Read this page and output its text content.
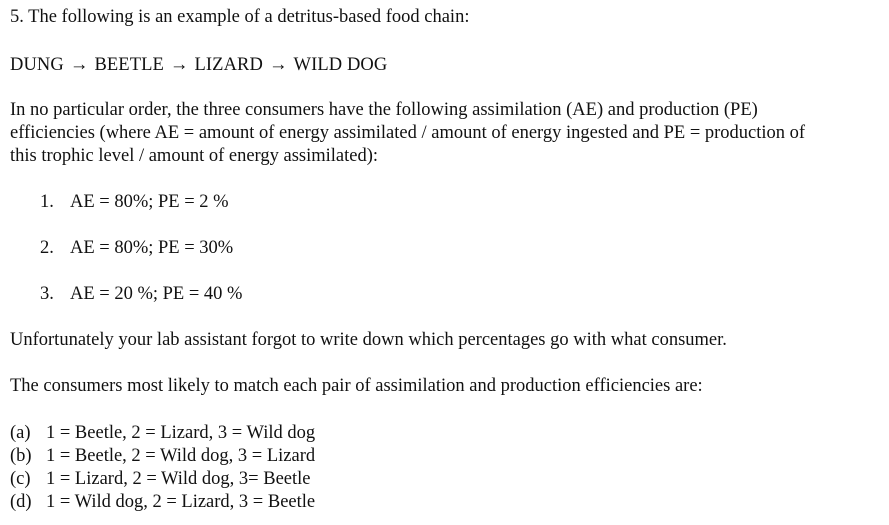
5. The following is an example of a detritus-based food chain:
DUNG → BEETLE → LIZARD → WILD DOG
In no particular order, the three consumers have the following assimilation (AE) and production (PE)
efficiencies (where AE = amount of energy assimilated / amount of energy ingested and PE = production of
this trophic level / amount of energy assimilated):
1. AE = 80%; PE = 2 %
2. AE = 80%; PE = 30%
3. AE = 20 %; PE = 40 %
Unfortunately your lab assistant forgot to write down which percentages go with what consumer.
The consumers most likely to match each pair of assimilation and production efficiencies are:
(a) 1 = Beetle, 2 = Lizard, 3 = Wild dog
(b) 1 = Beetle, 2 = Wild dog, 3 = Lizard
(c) 1 = Lizard, 2 = Wild dog, 3= Beetle
(d) 1 = Wild dog, 2 = Lizard, 3 = Beetle
